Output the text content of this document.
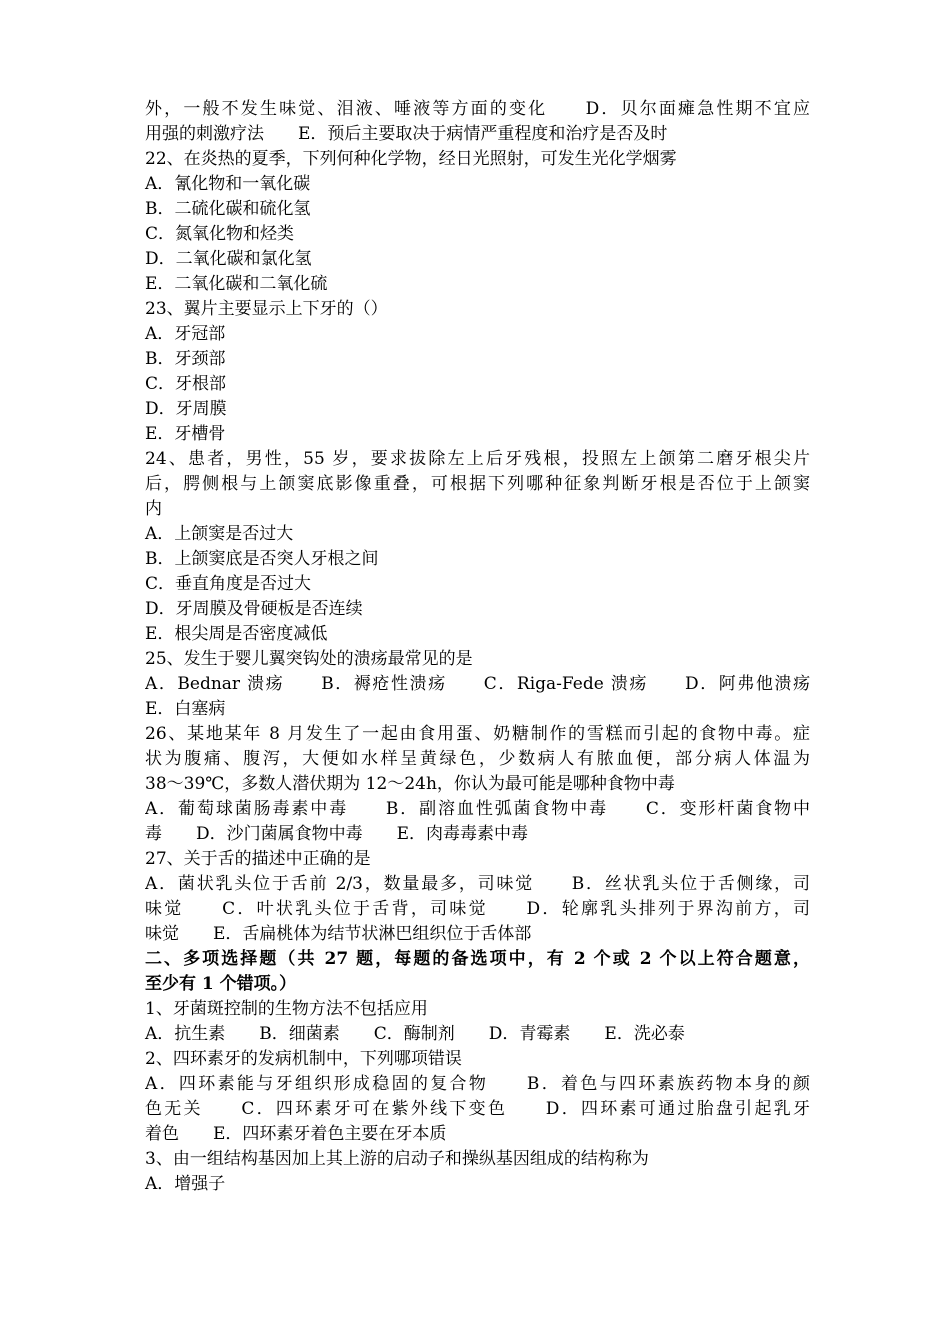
外，一般不发生味觉、泪液、唾液等方面的变化　　D．贝尔面瘫急性期不宜应
用强的刺激疗法　　E．预后主要取决于病情严重程度和治疗是否及时
22、在炎热的夏季，下列何种化学物，经日光照射，可发生光化学烟雾
A．氰化物和一氧化碳
B．二硫化碳和硫化氢
C．氮氧化物和烃类
D．二氧化碳和氯化氢
E．二氧化碳和二氧化硫
23、翼片主要显示上下牙的（）
A．牙冠部
B．牙颈部
C．牙根部
D．牙周膜
E．牙槽骨
24、患者，男性，55 岁，要求拔除左上后牙残根，投照左上颌第二磨牙根尖片
后，腭侧根与上颌窦底影像重叠，可根据下列哪种征象判断牙根是否位于上颌窦
内
A．上颌窦是否过大
B．上颌窦底是否突人牙根之间
C．垂直角度是否过大
D．牙周膜及骨硬板是否连续
E．根尖周是否密度减低
25、发生于婴儿翼突钩处的溃疡最常见的是
A．Bednar 溃疡　　B．褥疮性溃疡　　C．Riga-Fede 溃疡　　D．阿弗他溃疡
E．白塞病
26、某地某年 8 月发生了一起由食用蛋、奶糖制作的雪糕而引起的食物中毒。症
状为腹痛、腹泻，大便如水样呈黄绿色，少数病人有脓血便，部分病人体温为
38～39℃，多数人潜伏期为 12～24h，你认为最可能是哪种食物中毒
A．葡萄球菌肠毒素中毒　　B．副溶血性弧菌食物中毒　　C．变形杆菌食物中
毒　　D．沙门菌属食物中毒　　E．肉毒毒素中毒
27、关于舌的描述中正确的是
A．菌状乳头位于舌前 2/3，数量最多，司味觉　　B．丝状乳头位于舌侧缘，司
味觉　　C．叶状乳头位于舌背，司味觉　　D．轮廓乳头排列于界沟前方，司
味觉　　E．舌扁桃体为结节状淋巴组织位于舌体部
二、多项选择题（共 27 题，每题的备选项中，有 2 个或 2 个以上符合题意，
至少有 1 个错项。）
1、牙菌斑控制的生物方法不包括应用
A．抗生素　　B．细菌素　　C．酶制剂　　D．青霉素　　E．洗必泰
2、四环素牙的发病机制中，下列哪项错误
A．四环素能与牙组织形成稳固的复合物　　B．着色与四环素族药物本身的颜
色无关　　C．四环素牙可在紫外线下变色　　D．四环素可通过胎盘引起乳牙
着色　　E．四环素牙着色主要在牙本质
3、由一组结构基因加上其上游的启动子和操纵基因组成的结构称为
A．增强子
